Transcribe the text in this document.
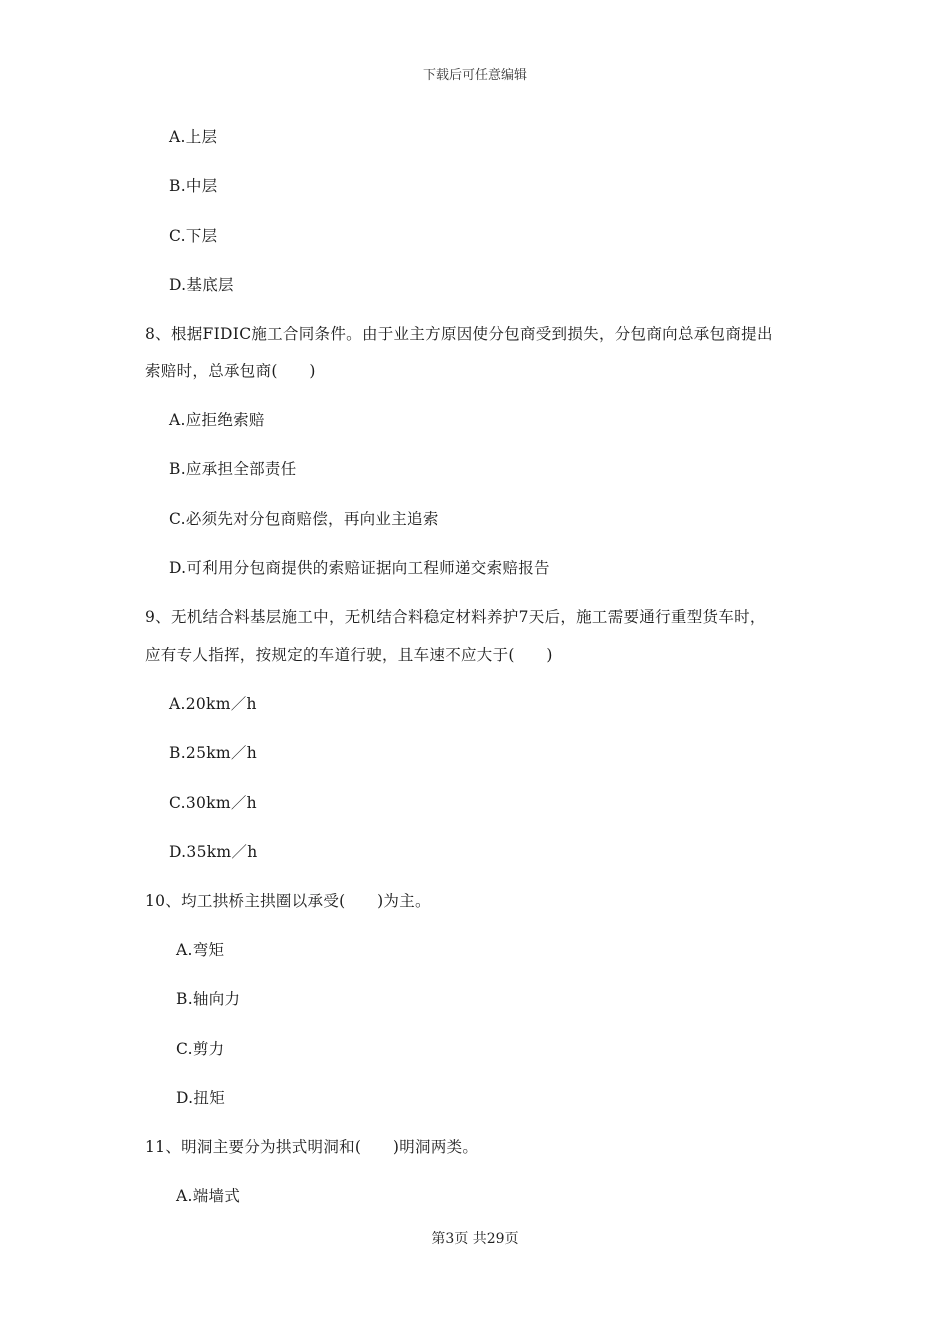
下载后可任意编辑
A.上层
B.中层
C.下层
D.基底层
8、根据FIDIC施工合同条件。由于业主方原因使分包商受到损失，分包商向总承包商提出
索赔时，总承包商(　　)
A.应拒绝索赔
B.应承担全部责任
C.必须先对分包商赔偿，再向业主追索
D.可利用分包商提供的索赔证据向工程师递交索赔报告
9、无机结合料基层施工中，无机结合料稳定材料养护7天后，施工需要通行重型货车时，
应有专人指挥，按规定的车道行驶，且车速不应大于(　　)
A.20km／h
B.25km／h
C.30km／h
D.35km／h
10、均工拱桥主拱圈以承受(　　)为主。
A.弯矩
B.轴向力
C.剪力
D.扭矩
11、明洞主要分为拱式明洞和(　　)明洞两类。
A.端墙式
第3页 共29页
